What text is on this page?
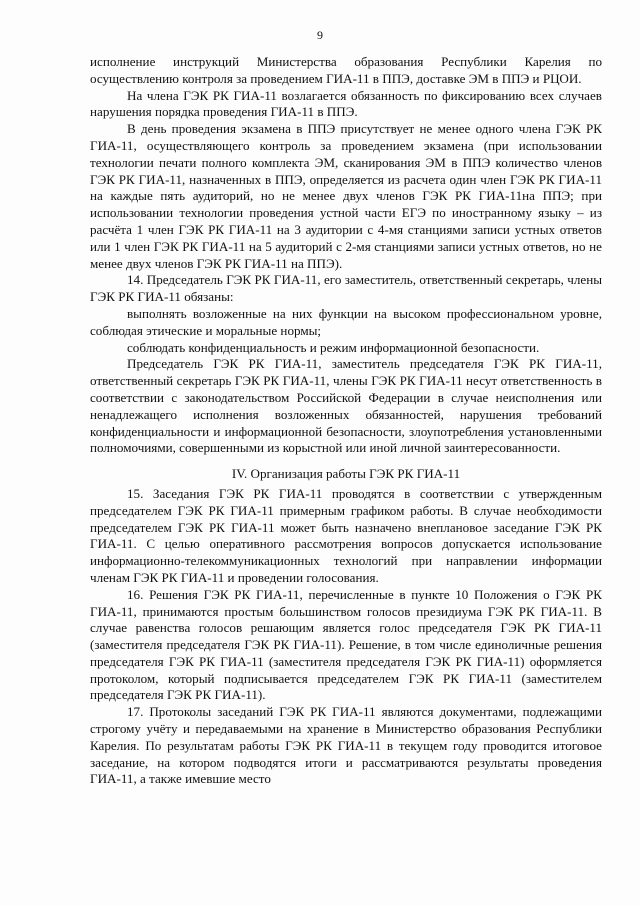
9

исполнение инструкций Министерства образования Республики Карелия по осуществлению контроля за проведением ГИА-11 в ППЭ, доставке ЭМ в ППЭ и РЦОИ.

На члена ГЭК РК ГИА-11 возлагается обязанность по фиксированию всех случаев нарушения порядка проведения ГИА-11 в ППЭ.

В день проведения экзамена в ППЭ присутствует не менее одного члена ГЭК РК ГИА-11, осуществляющего контроль за проведением экзамена (при использовании технологии печати полного комплекта ЭМ, сканирования ЭМ в ППЭ количество членов ГЭК РК ГИА-11, назначенных в ППЭ, определяется из расчета один член ГЭК РК ГИА-11 на каждые пять аудиторий, но не менее двух членов ГЭК РК ГИА-11на ППЭ; при использовании технологии проведения устной части ЕГЭ по иностранному языку – из расчёта 1 член ГЭК РК ГИА-11 на 3 аудитории с 4-мя станциями записи устных ответов или 1 член ГЭК РК ГИА-11 на 5 аудиторий с 2-мя станциями записи устных ответов, но не менее двух членов ГЭК РК ГИА-11 на ППЭ).

14. Председатель ГЭК РК ГИА-11, его заместитель, ответственный секретарь, члены ГЭК РК ГИА-11 обязаны:

выполнять возложенные на них функции на высоком профессиональном уровне, соблюдая этические и моральные нормы;

соблюдать конфиденциальность и режим информационной безопасности.

Председатель ГЭК РК ГИА-11, заместитель председателя ГЭК РК ГИА-11, ответственный секретарь ГЭК РК ГИА-11, члены ГЭК РК ГИА-11 несут ответственность в соответствии с законодательством Российской Федерации в случае неисполнения или ненадлежащего исполнения возложенных обязанностей, нарушения требований конфиденциальности и информационной безопасности, злоупотребления установленными полномочиями, совершенными из корыстной или иной личной заинтересованности.

IV. Организация работы ГЭК РК ГИА-11

15. Заседания ГЭК РК ГИА-11 проводятся в соответствии с утвержденным председателем ГЭК РК ГИА-11 примерным графиком работы. В случае необходимости председателем ГЭК РК ГИА-11 может быть назначено внеплановое заседание ГЭК РК ГИА-11. С целью оперативного рассмотрения вопросов допускается использование информационно-телекоммуникационных технологий при направлении информации членам ГЭК РК ГИА-11 и проведении голосования.

16. Решения ГЭК РК ГИА-11, перечисленные в пункте 10 Положения о ГЭК РК ГИА-11, принимаются простым большинством голосов президиума ГЭК РК ГИА-11. В случае равенства голосов решающим является голос председателя ГЭК РК ГИА-11 (заместителя председателя ГЭК РК ГИА-11). Решение, в том числе единоличные решения председателя ГЭК РК ГИА-11 (заместителя председателя ГЭК РК ГИА-11) оформляется протоколом, который подписывается председателем ГЭК РК ГИА-11 (заместителем председателя ГЭК РК ГИА-11).

17. Протоколы заседаний ГЭК РК ГИА-11 являются документами, подлежащими строгому учёту и передаваемыми на хранение в Министерство образования Республики Карелия. По результатам работы ГЭК РК ГИА-11 в текущем году проводится итоговое заседание, на котором подводятся итоги и рассматриваются результаты проведения ГИА-11, а также имевшие место
